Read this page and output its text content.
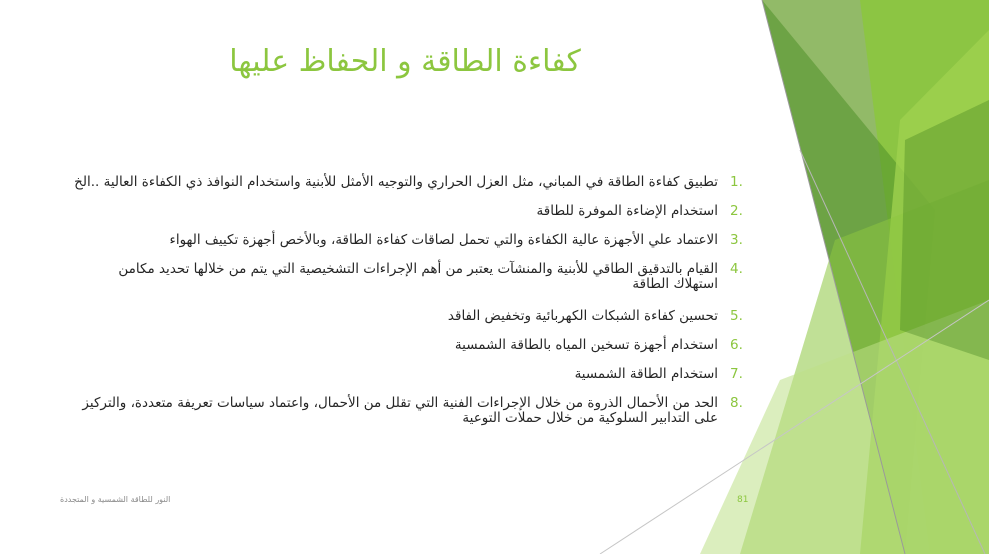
كفاءة الطاقة و الحفاظ عليها
1.
تطبيق كفاءة الطاقة في المباني، مثل العزل الحراري والتوجيه الأمثل للأبنية واستخدام النوافذ ذي الكفاءة العالية ..الخ
2.
استخدام الإضاءة الموفرة للطاقة
3.
الاعتماد علي الأجهزة عالية الكفاءة والتي تحمل لصاقات كفاءة الطاقة، وبالأخص أجهزة تكييف الهواء
4.
القيام بالتدقيق الطاقي للأبنية والمنشآت يعتبر من أهم الإجراءات التشخيصية التي يتم من خلالها تحديد مكامن استهلاك الطاقة
5.
تحسين كفاءة الشبكات الكهربائية وتخفيض الفاقد
6.
استخدام أجهزة تسخين المياه بالطاقة الشمسية
7.
استخدام الطاقة الشمسية
8.
الحد من الأحمال الذروة من خلال الإجراءات الفنية التي تقلل من الأحمال، واعتماد سياسات تعريفة متعددة، والتركيز على التدابير السلوكية من خلال حملات التوعية
النور للطاقة الشمسية و المتجددة	81
